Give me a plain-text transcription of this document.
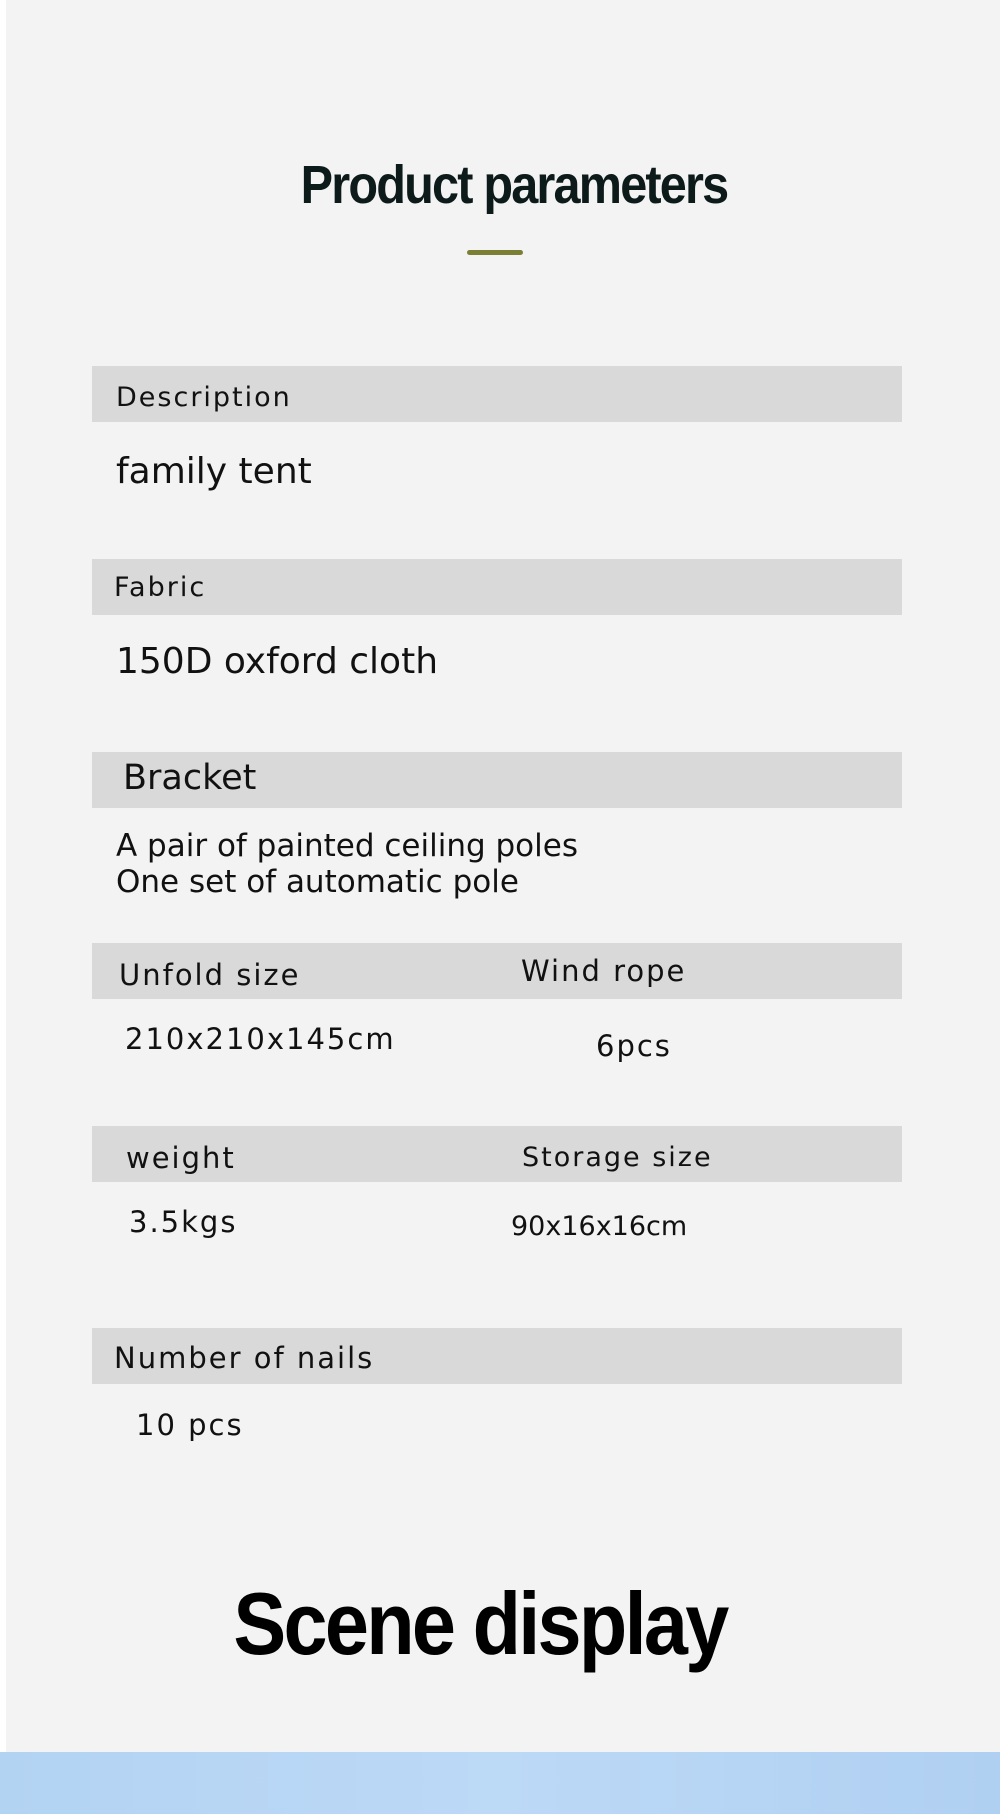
Product parameters
Description
family tent
Fabric
150D oxford cloth
Bracket
A pair of painted ceiling poles
One set of automatic pole
Unfold size	Wind rope
210x210x145cm	6pcs
weight	Storage size
3.5kgs	90x16x16cm
Number of nails
10 pcs
Scene display
